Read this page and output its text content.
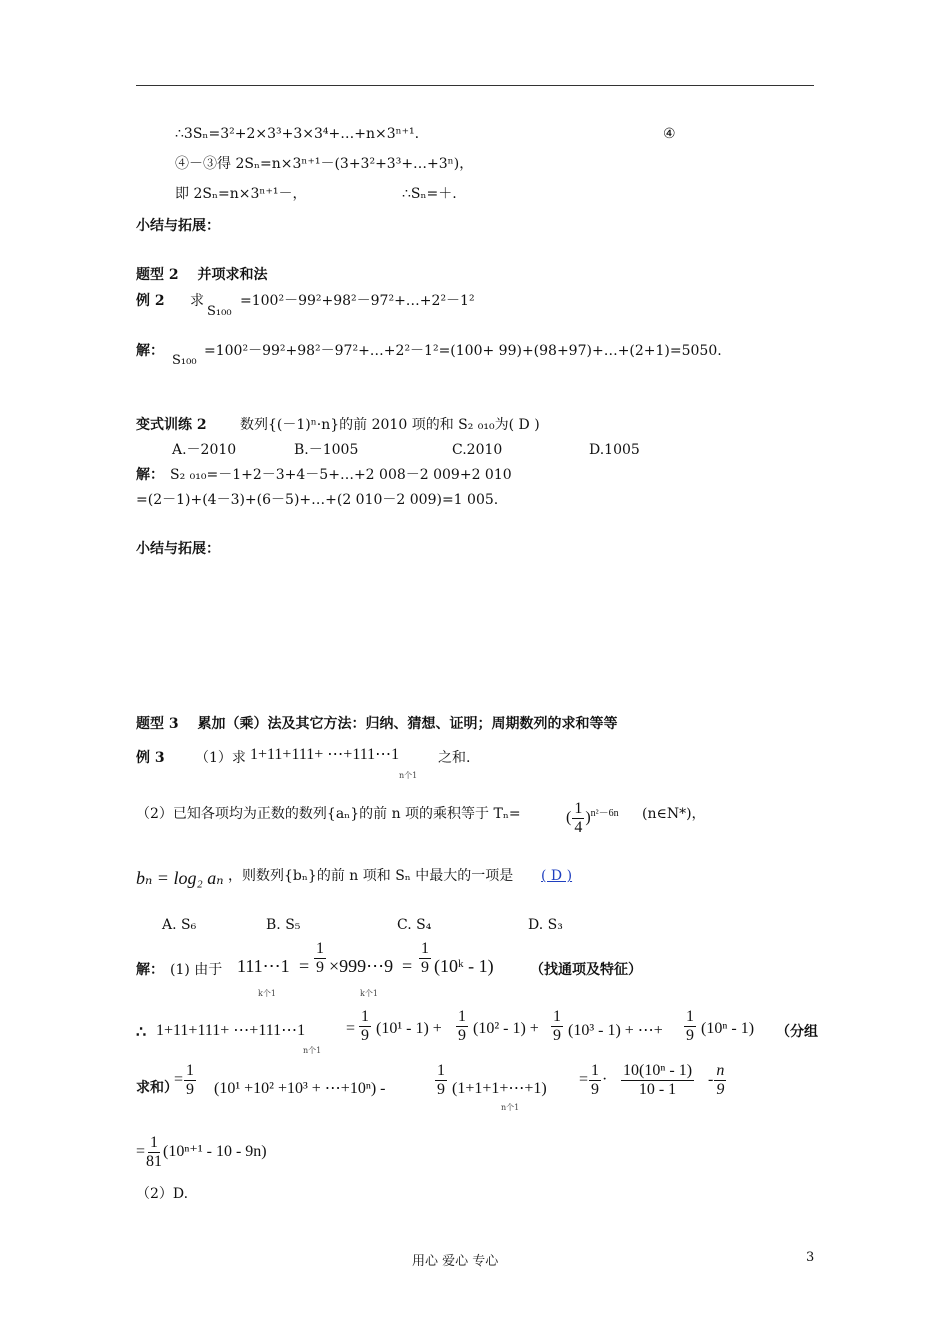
∴3Sₙ=3²+2×3³+3×3⁴+…+n×3ⁿ⁺¹.	④
④－③得 2Sₙ=n×3ⁿ⁺¹－(3+3²+3³+…+3ⁿ)，
即 2Sₙ=n×3ⁿ⁺¹－，	∴Sₙ=＋.
小结与拓展：
题型 2　 并项求和法
例 2 求
S₁₀₀
=100²－99²+98²－97²+…+2²－1²
解：
S₁₀₀
=100²－99²+98²－97²+…+2²－1²=(100+ 99)+(98+97)+…+(2+1)=5050.
变式训练 2 数列{(－1)ⁿ·n}的前 2010 项的和 S₂ ₀₁₀为( D )
A.－2010	B.－1005	C.2010	D.1005
解： S₂ ₀₁₀=－1+2－3+4－5+…+2 008－2 009+2 010
=(2－1)+(4－3)+(6－5)+…+(2 010－2 009)=1 005.
小结与拓展：
题型 3　 累加（乘）法及其它方法：归纳、猜想、证明；周期数列的求和等等
例 3 （1）求 1+11+111+ ⋯+111⋯1
n个1
之和.
（2）已知各项均为正数的数列{aₙ}的前 n 项的乘积等于 Tₙ=	( $\frac{1}{4} )^{n^2-6n}$ (n∈N*)，
bₙ = log₂ aₙ ，则数列{bₙ}的前 n 项和 Sₙ 中最大的一项是 ( D )
A. S₆	B. S₅	C. S₄	D. S₃
解： (1) 由于 111⋯1
k个1
= $\frac{1}{9}$ ×999⋯9
k个1
= $\frac{1}{9}$ (10ᵏ - 1)	（找通项及特征）
∴ 1+11+111+ ⋯+111⋯1
n个1
= $\frac{1}{9} (10^1 - 1) + \frac{1}{9} (10^2 - 1) + \frac{1}{9} (10^3 - 1)$ + ⋯+ $\frac{1}{9} (10^n - 1)$ （分组
求和）
= $\frac{1}{9} (10^1 +10^2 +10^3$ + ⋯+10ⁿ) -	$\frac{1}{9}$ (1+1+1+⋯+1)
n个1
= $\frac{1}{9} \cdot \frac{\text{10(10ⁿ - 1)}}{10 - 1} - \frac{n}{9}$
= $\frac{1}{81} (10^{n+1} - 10 - 9n)$
（2）D.
用心 爱心 专心	3
